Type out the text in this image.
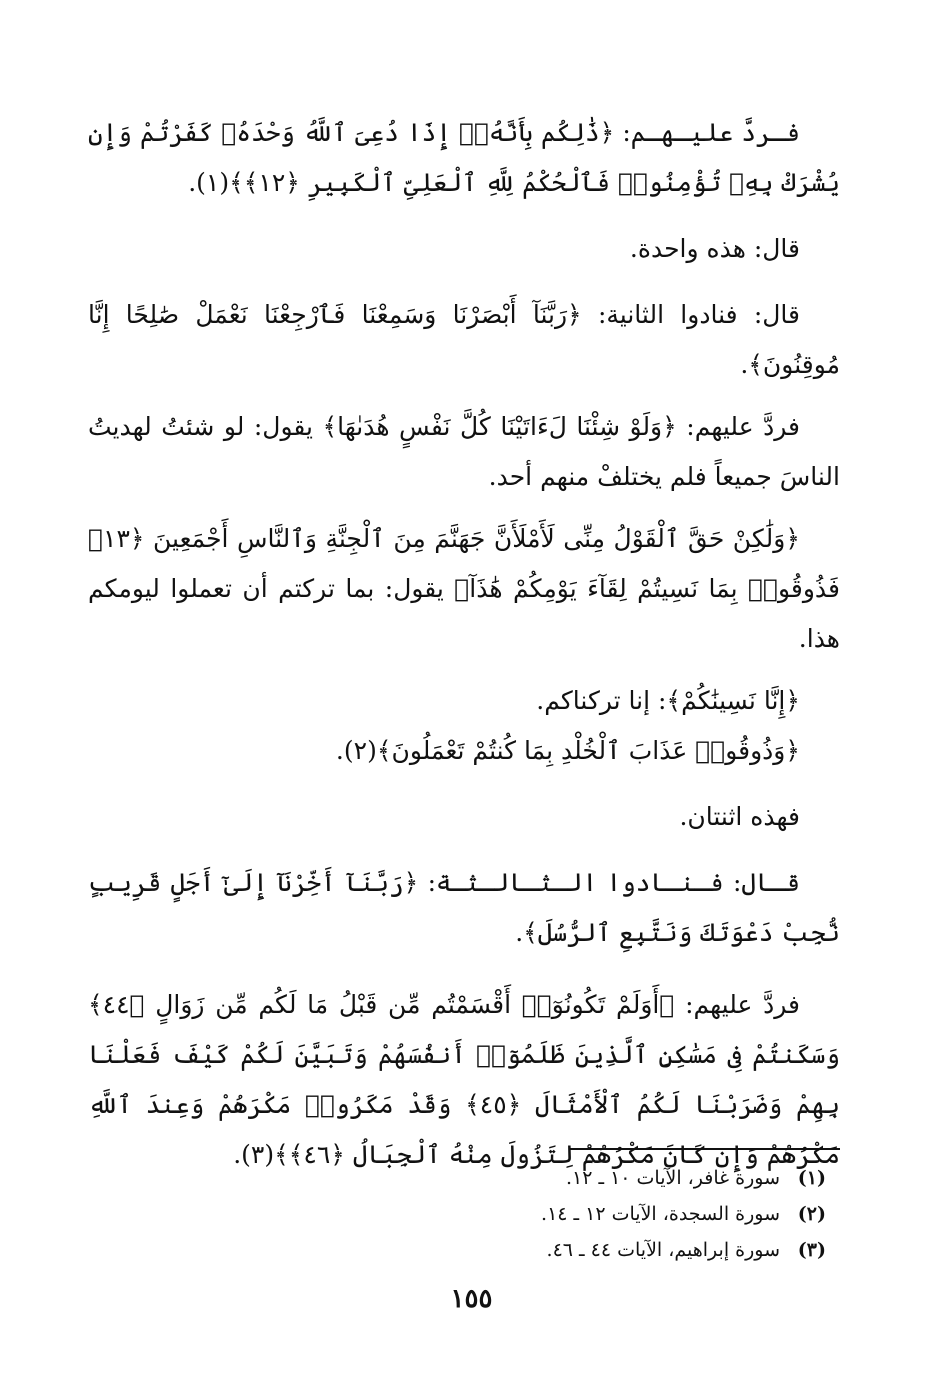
فـردَّ عليـهـم: ﴿ذَٰلِكُم بِأَنَّهُۥٓ إِذَا دُعِىَ ٱللَّهُ وَحْدَهُۥ كَفَرْتُمْ وَإِن يُشْرَكْ بِهِۦ تُؤْمِنُوا۟ فَٱلْحُكْمُ لِلَّهِ ٱلْعَلِىِّ ٱلْكَبِيرِ ﴿١٢﴾﴾(١).

قال: هذه واحدة.

قال: فنادوا الثانية: ﴿رَبَّنَآ أَبْصَرْنَا وَسَمِعْنَا فَٱرْجِعْنَا نَعْمَلْ صَٰلِحًا إِنَّا مُوقِنُونَ﴾.

فردَّ عليهم: ﴿وَلَوْ شِئْنَا لَءَاتَيْنَا كُلَّ نَفْسٍ هُدَىٰهَا﴾ يقول: لو شئتُ لهديتُ الناسَ جميعاً فلم يختلفْ منهم أحد.

﴿وَلَٰكِنْ حَقَّ ٱلْقَوْلُ مِنِّى لَأَمْلَأَنَّ جَهَنَّمَ مِنَ ٱلْجِنَّةِ وَٱلنَّاسِ أَجْمَعِينَ ﴿١٣﴾ فَذُوقُوا۟ بِمَا نَسِيتُمْ لِقَآءَ يَوْمِكُمْ هَٰذَآ﴾ يقول: بما تركتم أن تعملوا ليومكم هذا.

﴿إِنَّا نَسِينَٰكُمْ﴾: إنا تركناكم.

﴿وَذُوقُوا۟ عَذَابَ ٱلْخُلْدِ بِمَا كُنتُمْ تَعْمَلُونَ﴾(٢).

فهذه اثنتان.

قـال: فـنـادوا الـثـالـثـة: ﴿رَبَّنَآ أَخِّرْنَآ إِلَىٰٓ أَجَلٍ قَرِيبٍ نُّجِبْ دَعْوَتَكَ وَنَتَّبِعِ ٱلرُّسُلَ﴾.

فردَّ عليهم: ﴿أَوَلَمْ تَكُونُوٓا۟ أَقْسَمْتُم مِّن قَبْلُ مَا لَكُم مِّن زَوَالٍ ﴿٤٤﴾ وَسَكَنتُمْ فِى مَسَٰكِنِ ٱلَّذِينَ ظَلَمُوٓا۟ أَنفُسَهُمْ وَتَبَيَّنَ لَكُمْ كَيْفَ فَعَلْنَا بِهِمْ وَضَرَبْنَا لَكُمُ ٱلْأَمْثَالَ ﴿٤٥﴾ وَقَدْ مَكَرُوا۟ مَكْرَهُمْ وَعِندَ ٱللَّهِ مَكْرُهُمْ وَإِن كَانَ مَكْرُهُمْ لِتَزُولَ مِنْهُ ٱلْجِبَالُ ﴿٤٦﴾﴾(٣).

(١)
سورة غافر، الآيات ١٠ ـ ١٢.
(٢)
سورة السجدة، الآيات ١٢ ـ ١٤.
(٣)
سورة إبراهيم، الآيات ٤٤ ـ ٤٦.
١٥٥
